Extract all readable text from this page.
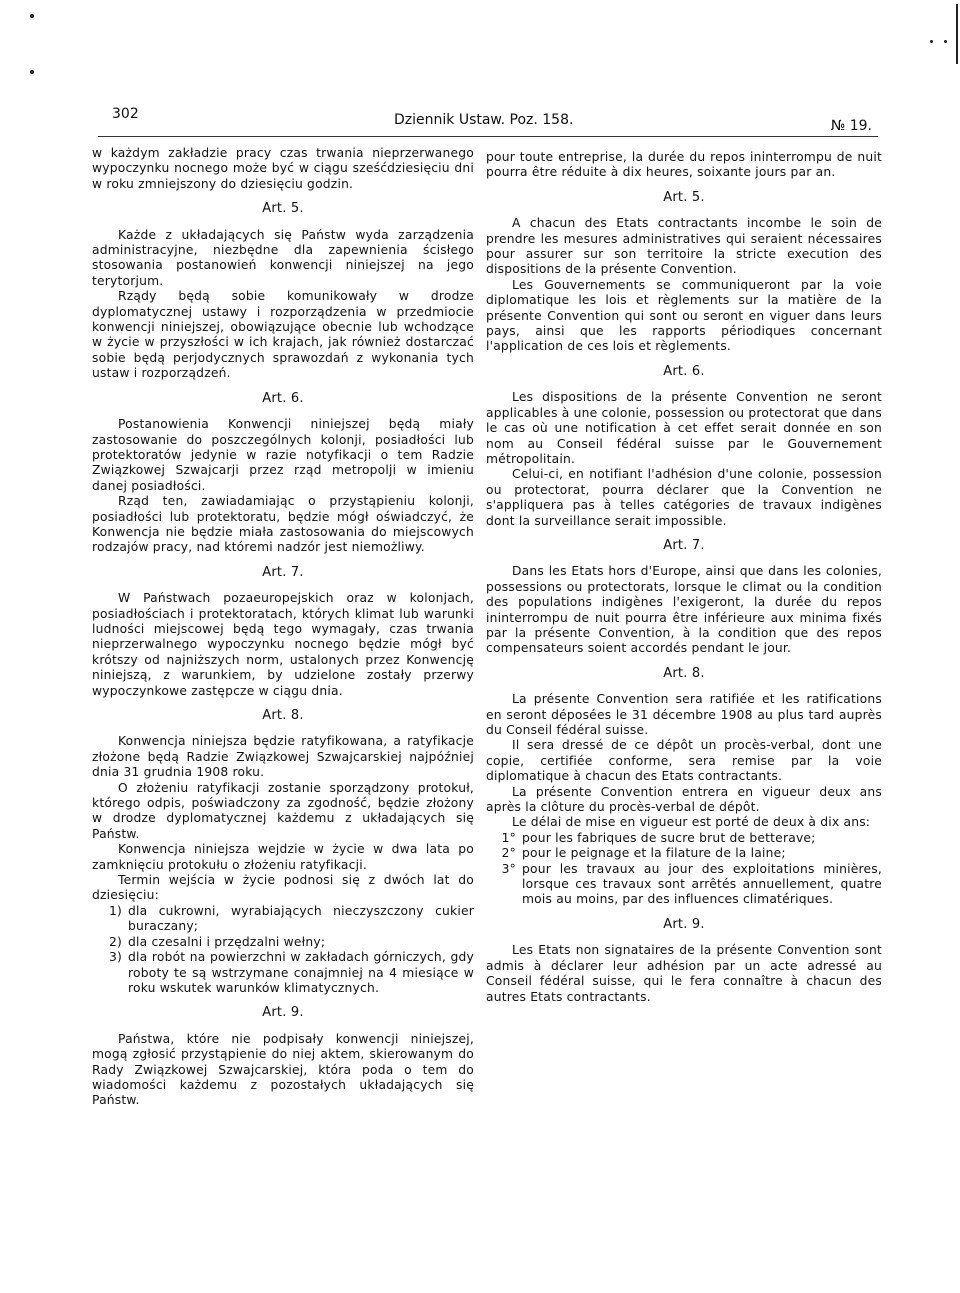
302	Dziennik Ustaw. Poz. 158.	№ 19.

w każdym zakładzie pracy czas trwania nieprzerwanego wypoczynku nocnego może być w ciągu sześćdziesięciu dni w roku zmniejszony do dziesięciu godzin.

Art. 5.

Każde z układających się Państw wyda zarządzenia administracyjne, niezbędne dla zapewnienia ścisłego stosowania postanowień konwencji niniejszej na jego terytorjum.

Rządy będą sobie komunikowały w drodze dyplomatycznej ustawy i rozporządzenia w przedmiocie konwencji niniejszej, obowiązujące obecnie lub wchodzące w życie w przyszłości w ich krajach, jak również dostarczać sobie będą perjodycznych sprawozdań z wykonania tych ustaw i rozporządzeń.

Art. 6.

Postanowienia Konwencji niniejszej będą miały zastosowanie do poszczególnych kolonji, posiadłości lub protektoratów jedynie w razie notyfikacji o tem Radzie Związkowej Szwajcarji przez rząd metropolji w imieniu danej posiadłości.

Rząd ten, zawiadamiając o przystąpieniu kolonji, posiadłości lub protektoratu, będzie mógł oświadczyć, że Konwencja nie będzie miała zastosowania do miejscowych rodzajów pracy, nad któremi nadzór jest niemożliwy.

Art. 7.

W Państwach pozaeuropejskich oraz w kolonjach, posiadłościach i protektoratach, których klimat lub warunki ludności miejscowej będą tego wymagały, czas trwania nieprzerwalnego wypoczynku nocnego będzie mógł być krótszy od najniższych norm, ustalonych przez Konwencję niniejszą, z warunkiem, by udzielone zostały przerwy wypoczynkowe zastępcze w ciągu dnia.

Art. 8.

Konwencja niniejsza będzie ratyfikowana, a ratyfikacje złożone będą Radzie Związkowej Szwajcarskiej najpóźniej dnia 31 grudnia 1908 roku.

O złożeniu ratyfikacji zostanie sporządzony protokuł, którego odpis, poświadczony za zgodność, będzie złożony w drodze dyplomatycznej każdemu z układających się Państw.

Konwencja niniejsza wejdzie w życie w dwa lata po zamknięciu protokułu o złożeniu ratyfikacji.

Termin wejścia w życie podnosi się z dwóch lat do dziesięciu:

1) dla cukrowni, wyrabiających nieczyszczony cukier buraczany;
2) dla czesalni i przędzalni wełny;
3) dla robót na powierzchni w zakładach górniczych, gdy roboty te są wstrzymane conajmniej na 4 miesiące w roku wskutek warunków klimatycznych.
Art. 9.

Państwa, które nie podpisały konwencji niniejszej, mogą zgłosić przystąpienie do niej aktem, skierowanym do Rady Związkowej Szwajcarskiej, która poda o tem do wiadomości każdemu z pozostałych układających się Państw.

pour toute entreprise, la durée du repos ininterrompu de nuit pourra être réduite à dix heures, soixante jours par an.

Art. 5.

A chacun des Etats contractants incombe le soin de prendre les mesures administratives qui seraient nécessaires pour assurer sur son territoire la stricte execution des dispositions de la présente Convention.

Les Gouvernements se communiqueront par la voie diplomatique les lois et règlements sur la matière de la présente Convention qui sont ou seront en viguer dans leurs pays, ainsi que les rapports périodiques concernant l'application de ces lois et règlements.

Art. 6.

Les dispositions de la présente Convention ne seront applicables à une colonie, possession ou protectorat que dans le cas où une notification à cet effet serait donnée en son nom au Conseil fédéral suisse par le Gouvernement métropolitain.

Celui-ci, en notifiant l'adhésion d'une colonie, possession ou protectorat, pourra déclarer que la Convention ne s'appliquera pas à telles catégories de travaux indigènes dont la surveillance serait impossible.

Art. 7.

Dans les Etats hors d'Europe, ainsi que dans les colonies, possessions ou protectorats, lorsque le climat ou la condition des populations indigènes l'exigeront, la durée du repos ininterrompu de nuit pourra être inférieure aux minima fixés par la présente Convention, à la condition que des repos compensateurs soient accordés pendant le jour.

Art. 8.

La présente Convention sera ratifiée et les ratifications en seront déposées le 31 décembre 1908 au plus tard auprès du Conseil fédéral suisse.

Il sera dressé de ce dépôt un procès-verbal, dont une copie, certifiée conforme, sera remise par la voie diplomatique à chacun des Etats contractants.

La présente Convention entrera en vigueur deux ans après la clôture du procès-verbal de dépôt.

Le délai de mise en vigueur est porté de deux à dix ans:

1° pour les fabriques de sucre brut de betterave;
2° pour le peignage et la filature de la laine;
3° pour les travaux au jour des exploitations minières, lorsque ces travaux sont arrêtés annuellement, quatre mois au moins, par des influences climatériques.
Art. 9.

Les Etats non signataires de la présente Convention sont admis à déclarer leur adhésion par un acte adressé au Conseil fédéral suisse, qui le fera connaître à chacun des autres Etats contractants.
